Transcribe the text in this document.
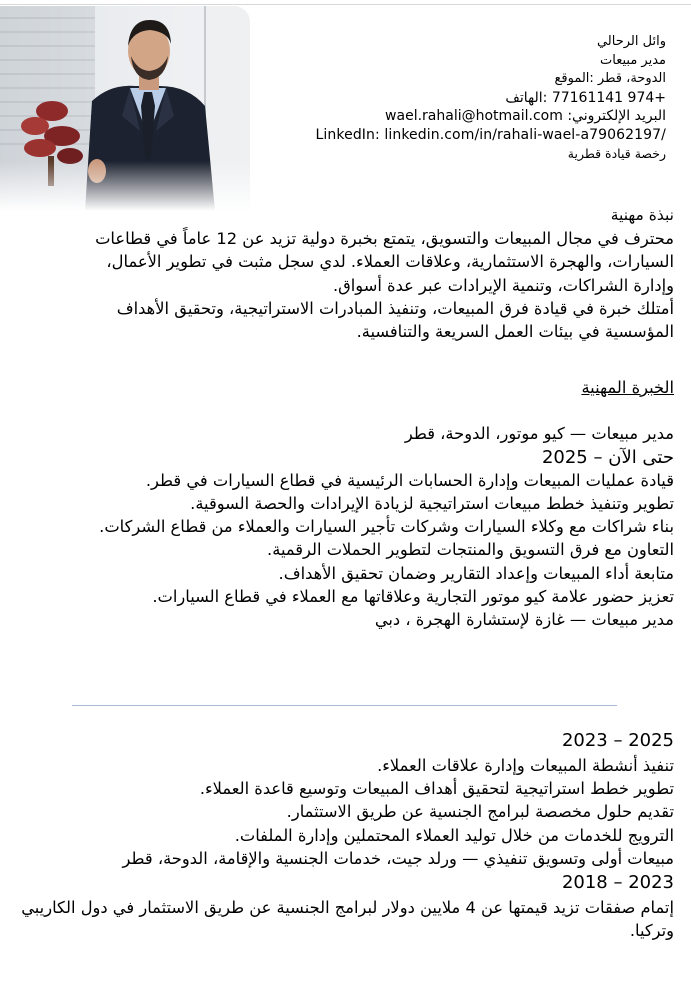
وائل الرحالي
مدير مبيعات
الدوحة، قطر :الموقع
+974 77161141 :الهاتف
wael.rahali@hotmail.com :البريد الإلكتروني
LinkedIn: linkedin.com/in/rahali-wael-a79062197/
رخصة قيادة قطرية
نبذة مهنية
محترف في مجال المبيعات والتسويق، يتمتع بخبرة دولية تزيد عن 12 عاماً في قطاعات
السيارات، والهجرة الاستثمارية، وعلاقات العملاء. لدي سجل مثبت في تطوير الأعمال،
وإدارة الشراكات، وتنمية الإيرادات عبر عدة أسواق.
أمتلك خبرة في قيادة فرق المبيعات، وتنفيذ المبادرات الاستراتيجية، وتحقيق الأهداف
المؤسسية في بيئات العمل السريعة والتنافسية.
الخبرة المهنية
مدير مبيعات — كيو موتور، الدوحة، قطر
2025 – حتى الآن
قيادة عمليات المبيعات وإدارة الحسابات الرئيسية في قطاع السيارات في قطر.
تطوير وتنفيذ خطط مبيعات استراتيجية لزيادة الإيرادات والحصة السوقية.
بناء شراكات مع وكلاء السيارات وشركات تأجير السيارات والعملاء من قطاع الشركات.
التعاون مع فرق التسويق والمنتجات لتطوير الحملات الرقمية.
متابعة أداء المبيعات وإعداد التقارير وضمان تحقيق الأهداف.
تعزيز حضور علامة كيو موتور التجارية وعلاقاتها مع العملاء في قطاع السيارات.
مدير مبيعات — غازة لإستشارة الهجرة ، دبي
2023 – 2025
تنفيذ أنشطة المبيعات وإدارة علاقات العملاء.
تطوير خطط استراتيجية لتحقيق أهداف المبيعات وتوسيع قاعدة العملاء.
تقديم حلول مخصصة لبرامج الجنسية عن طريق الاستثمار.
الترويج للخدمات من خلال توليد العملاء المحتملين وإدارة الملفات.
مبيعات أولى وتسويق تنفيذي — ورلد جيت، خدمات الجنسية والإقامة، الدوحة، قطر
2018 – 2023
إتمام صفقات تزيد قيمتها عن 4 ملايين دولار لبرامج الجنسية عن طريق الاستثمار في دول الكاريبي وتركيا.
